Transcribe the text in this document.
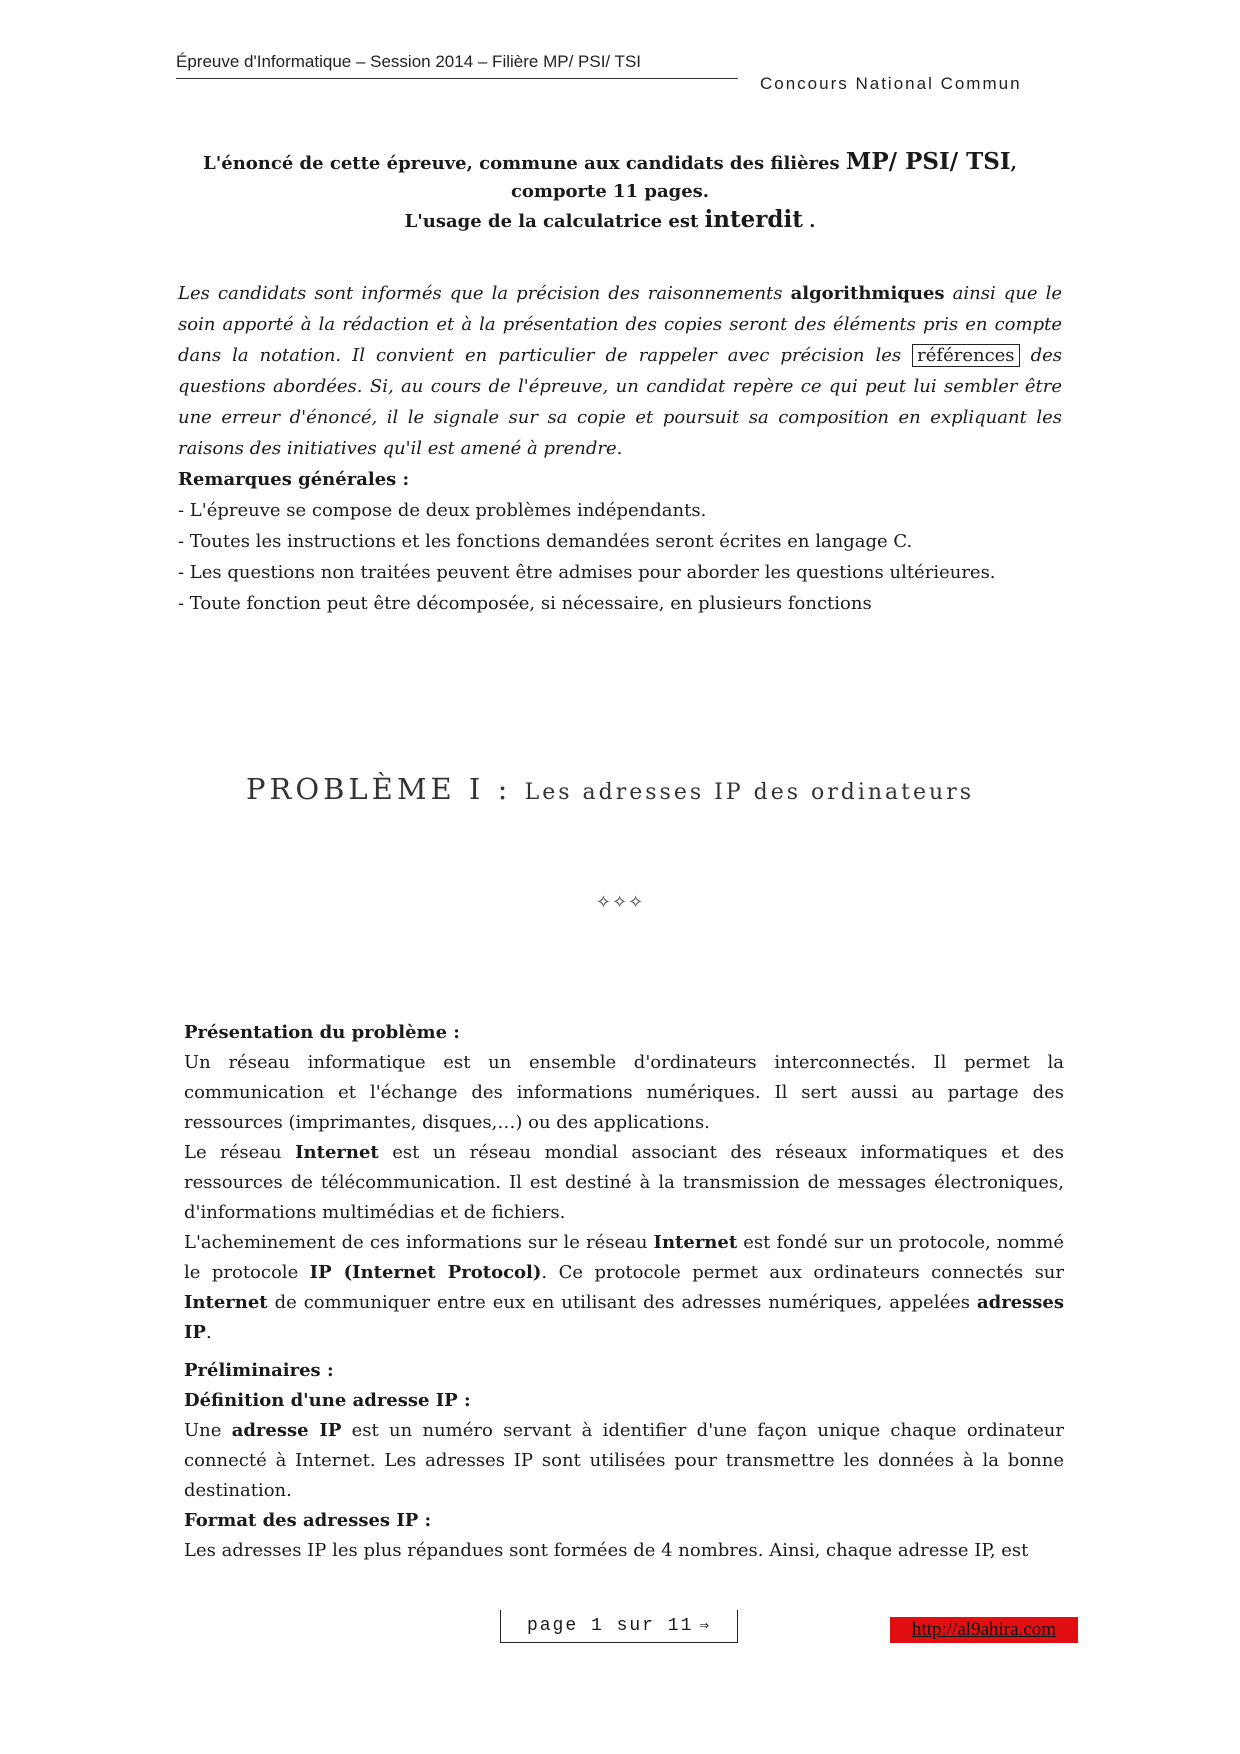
Épreuve d'Informatique – Session 2014 – Filière MP/ PSI/ TSI
Concours National Commun
L'énoncé de cette épreuve, commune aux candidats des filières MP/ PSI/ TSI,
comporte 11 pages.
L'usage de la calculatrice est interdit .
Les candidats sont informés que la précision des raisonnements algorithmiques ainsi que le soin apporté à la rédaction et à la présentation des copies seront des éléments pris en compte dans la notation. Il convient en particulier de rappeler avec précision les références des questions abordées. Si, au cours de l'épreuve, un candidat repère ce qui peut lui sembler être une erreur d'énoncé, il le signale sur sa copie et poursuit sa composition en expliquant les raisons des initiatives qu'il est amené à prendre.
Remarques générales :
- L'épreuve se compose de deux problèmes indépendants.
- Toutes les instructions et les fonctions demandées seront écrites en langage C.
- Les questions non traitées peuvent être admises pour aborder les questions ultérieures.
- Toute fonction peut être décomposée, si nécessaire, en plusieurs fonctions
PROBLÈME I : Les adresses IP des ordinateurs
✧✧✧

Présentation du problème :

Un réseau informatique est un ensemble d'ordinateurs interconnectés. Il permet la communication et l'échange des informations numériques. Il sert aussi au partage des ressources (imprimantes, disques,…) ou des applications.

Le réseau Internet est un réseau mondial associant des réseaux informatiques et des ressources de télécommunication. Il est destiné à la transmission de messages électroniques, d'informations multimédias et de fichiers.

L'acheminement de ces informations sur le réseau Internet est fondé sur un protocole, nommé le protocole IP (Internet Protocol). Ce protocole permet aux ordinateurs connectés sur Internet de communiquer entre eux en utilisant des adresses numériques, appelées adresses IP.

Préliminaires :

Définition d'une adresse IP :

Une adresse IP est un numéro servant à identifier d'une façon unique chaque ordinateur connecté à Internet. Les adresses IP sont utilisées pour transmettre les données à la bonne destination.

Format des adresses IP :

Les adresses IP les plus répandues sont formées de 4 nombres. Ainsi, chaque adresse IP, est

page 1 sur 11 ⇒	http://al9ahira.com
